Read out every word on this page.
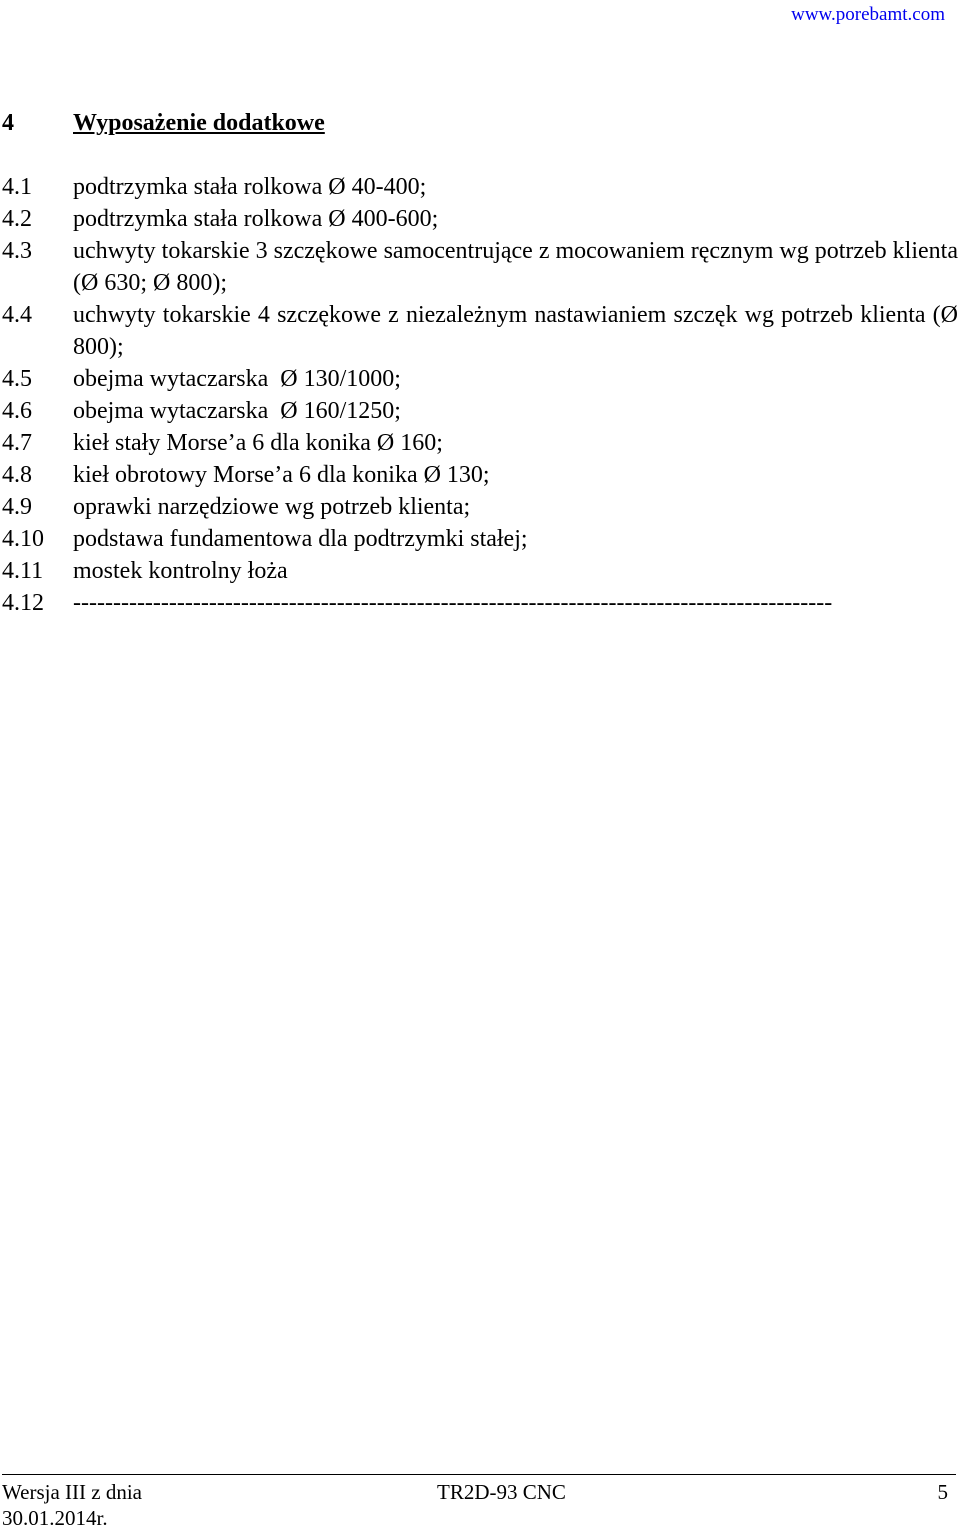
www.porebamt.com
4 Wyposażenie dodatkowe
4.1 podtrzymka stała rolkowa Ø 40-400;
4.2 podtrzymka stała rolkowa Ø 400-600;
4.3 uchwyty tokarskie 3 szczękowe samocentrujące z mocowaniem ręcznym wg potrzeb klienta (Ø 630; Ø 800);
4.4 uchwyty tokarskie 4 szczękowe z niezależnym nastawianiem szczęk wg potrzeb klienta (Ø 800);
4.5 obejma wytaczarska  Ø 130/1000;
4.6 obejma wytaczarska  Ø 160/1250;
4.7 kieł stały Morse’a 6 dla konika Ø 160;
4.8 kieł obrotowy Morse’a 6 dla konika Ø 130;
4.9 oprawki narzędziowe wg potrzeb klienta;
4.10 podstawa fundamentowa dla podtrzymki stałej;
4.11 mostek kontrolny łoża
4.12 -----------------------------------------------------------------------------------------------
Wersja III z dnia
30.01.2014r.
TR2D-93 CNC	5
